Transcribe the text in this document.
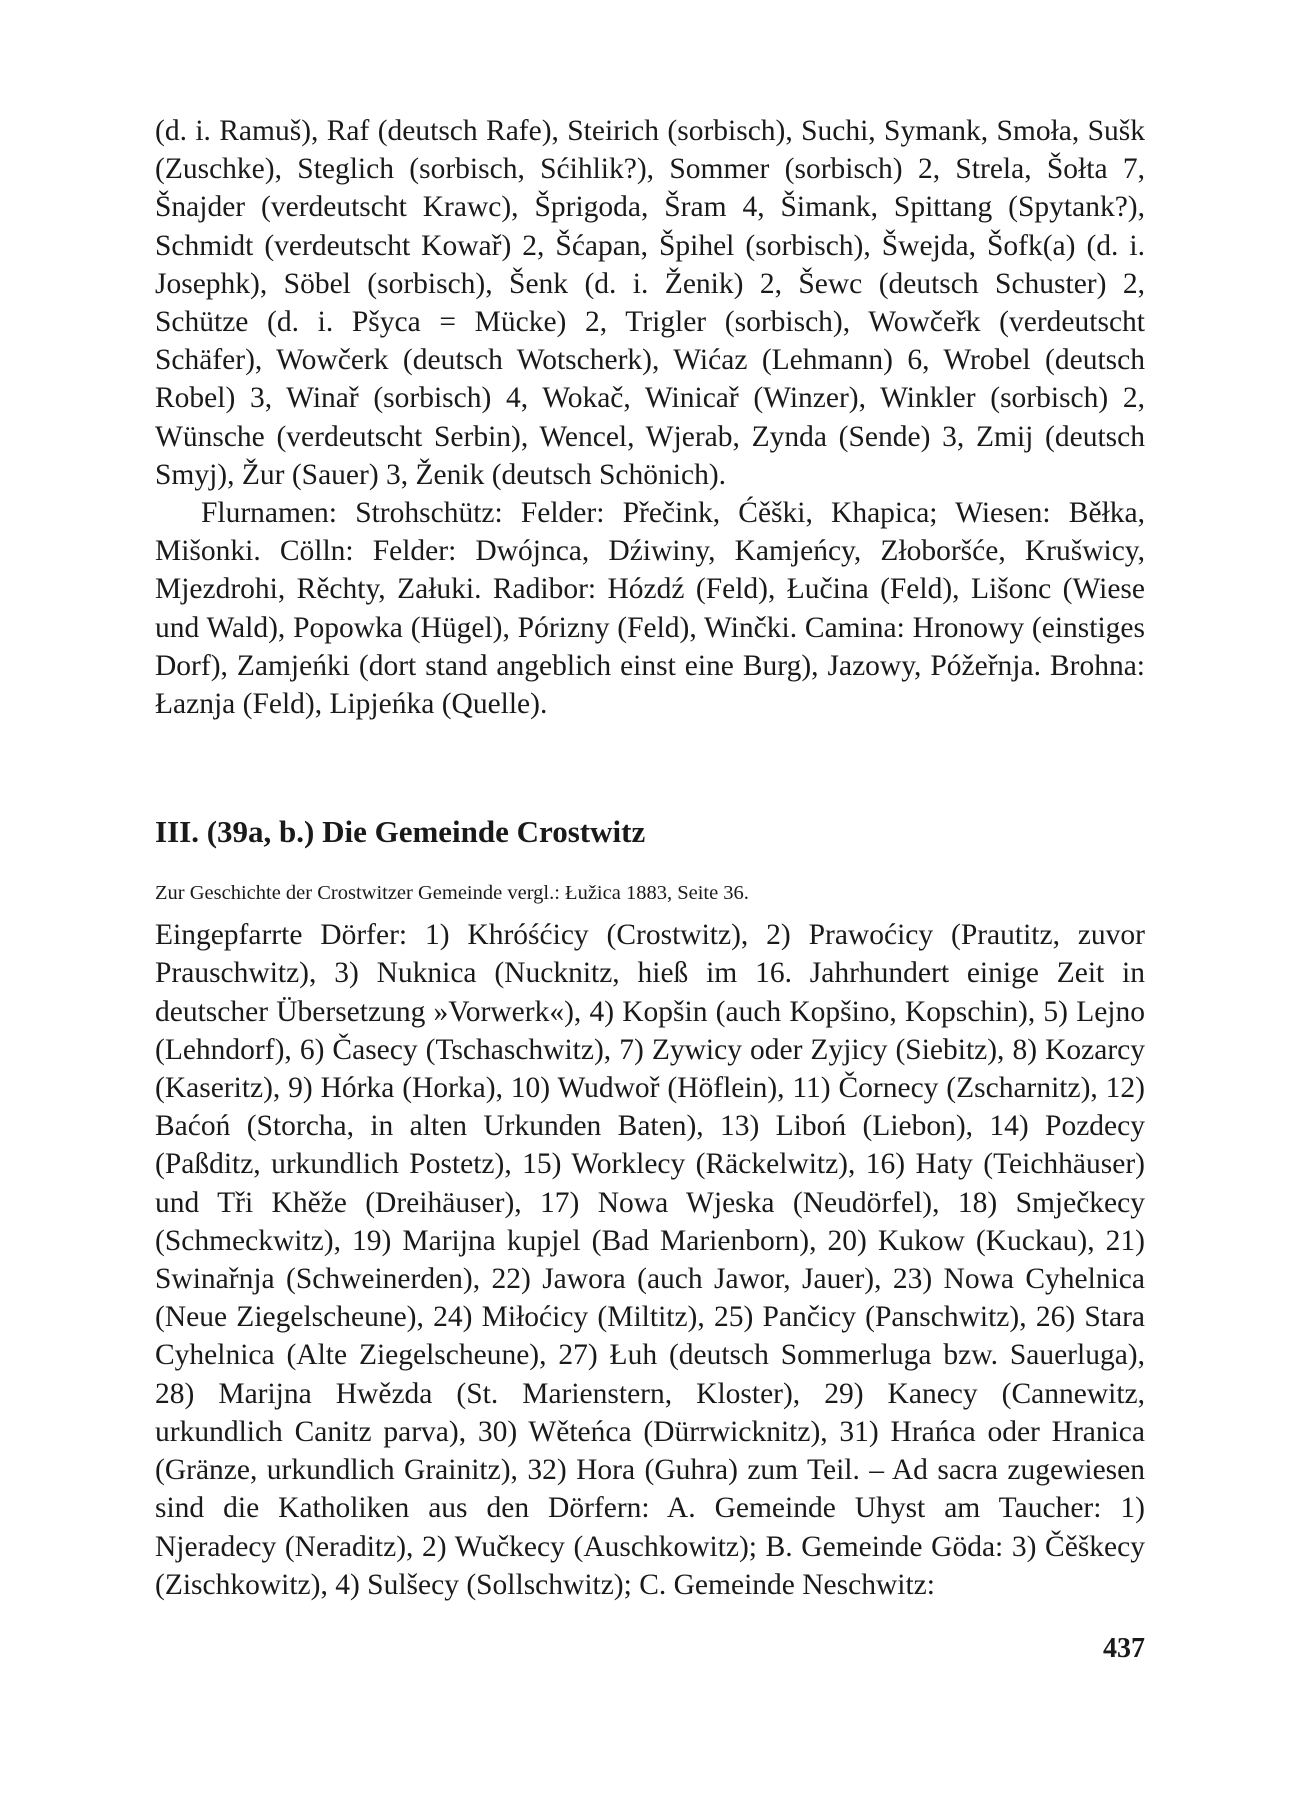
(d. i. Ramuš), Raf (deutsch Rafe), Steirich (sorbisch), Suchi, Symank, Smoła, Sušk (Zuschke), Steglich (sorbisch, Sćihlik?), Sommer (sorbisch) 2, Strela, Šołta 7, Šnajder (verdeutscht Krawc), Šprigoda, Šram 4, Šimank, Spittang (Spytank?), Schmidt (verdeutscht Kowař) 2, Šćapan, Špihel (sorbisch), Šwejda, Šofk(a) (d. i. Josephk), Söbel (sorbisch), Šenk (d. i. Ženik) 2, Šewc (deutsch Schuster) 2, Schütze (d. i. Pšyca = Mücke) 2, Trigler (sorbisch), Wowčeřk (verdeutscht Schäfer), Wowčerk (deutsch Wotscherk), Wićaz (Lehmann) 6, Wrobel (deutsch Robel) 3, Winař (sorbisch) 4, Wokač, Winicař (Winzer), Winkler (sorbisch) 2, Wünsche (verdeutscht Serbin), Wencel, Wjerab, Zynda (Sende) 3, Zmij (deutsch Smyj), Žur (Sauer) 3, Ženik (deutsch Schönich).

Flurnamen: Strohschütz: Felder: Přečink, Ćěški, Khapica; Wiesen: Běłka, Mišonki. Cölln: Felder: Dwójnca, Dźiwiny, Kamjeńcy, Złoboršće, Krušwicy, Mjezdrohi, Rěchty, Załuki. Radibor: Hózdź (Feld), Łučina (Feld), Lišonc (Wiese und Wald), Popowka (Hügel), Pórizny (Feld), Winčki. Camina: Hronowy (einstiges Dorf), Zamjeńki (dort stand angeblich einst eine Burg), Jazowy, Póžeřnja. Brohna: Łaznja (Feld), Lipjeńka (Quelle).

III. (39a, b.) Die Gemeinde Crostwitz

Zur Geschichte der Crostwitzer Gemeinde vergl.: Łužica 1883, Seite 36.

Eingepfarrte Dörfer: 1) Khróśćicy (Crostwitz), 2) Prawoćicy (Prautitz, zuvor Prauschwitz), 3) Nuknica (Nucknitz, hieß im 16. Jahrhundert einige Zeit in deutscher Übersetzung »Vorwerk«), 4) Kopšin (auch Kopšino, Kopschin), 5) Lejno (Lehndorf), 6) Časecy (Tschaschwitz), 7) Zywicy oder Zyjicy (Siebitz), 8) Kozarcy (Kaseritz), 9) Hórka (Horka), 10) Wudwoř (Höflein), 11) Čornecy (Zscharnitz), 12) Baćoń (Storcha, in alten Urkunden Baten), 13) Liboń (Liebon), 14) Pozdecy (Paßditz, urkundlich Postetz), 15) Worklecy (Räckelwitz), 16) Haty (Teichhäuser) und Tři Khěže (Dreihäuser), 17) Nowa Wjeska (Neudörfel), 18) Smječkecy (Schmeckwitz), 19) Marijna kupjel (Bad Marienborn), 20) Kukow (Kuckau), 21) Swinařnja (Schweinerden), 22) Jawora (auch Jawor, Jauer), 23) Nowa Cyhelnica (Neue Ziegelscheune), 24) Miłoćicy (Miltitz), 25) Pančicy (Panschwitz), 26) Stara Cyhelnica (Alte Ziegelscheune), 27) Łuh (deutsch Sommerluga bzw. Sauerluga), 28) Marijna Hwězda (St. Marienstern, Kloster), 29) Kanecy (Cannewitz, urkundlich Canitz parva), 30) Wěteńca (Dürrwicknitz), 31) Hrańca oder Hranica (Gränze, urkundlich Grainitz), 32) Hora (Guhra) zum Teil. – Ad sacra zugewiesen sind die Katholiken aus den Dörfern: A. Gemeinde Uhyst am Taucher: 1) Njeradecy (Neraditz), 2) Wučkecy (Auschkowitz); B. Gemeinde Göda: 3) Čěškecy (Zischkowitz), 4) Sulšecy (Sollschwitz); C. Gemeinde Neschwitz:

437
